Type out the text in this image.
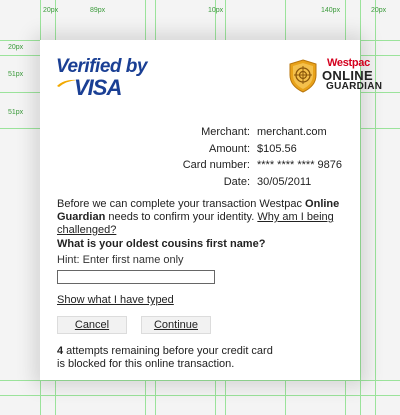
20px	89px	10px	140px	20px
20px
51px
51px
Verified by
VISA
Westpac
ONLINE
GUARDIAN
Merchant: merchant.com
Amount: $105.56
Card number: **** **** **** 9876
Date: 30/05/2011
Before we can complete your transaction Westpac Online Guardian needs to confirm your identity. Why am I being challenged?
What is your oldest cousins first name?
Hint: Enter first name only
Show what I have typed
Cancel	Continue
4 attempts remaining before your credit card is blocked for this online transaction.
